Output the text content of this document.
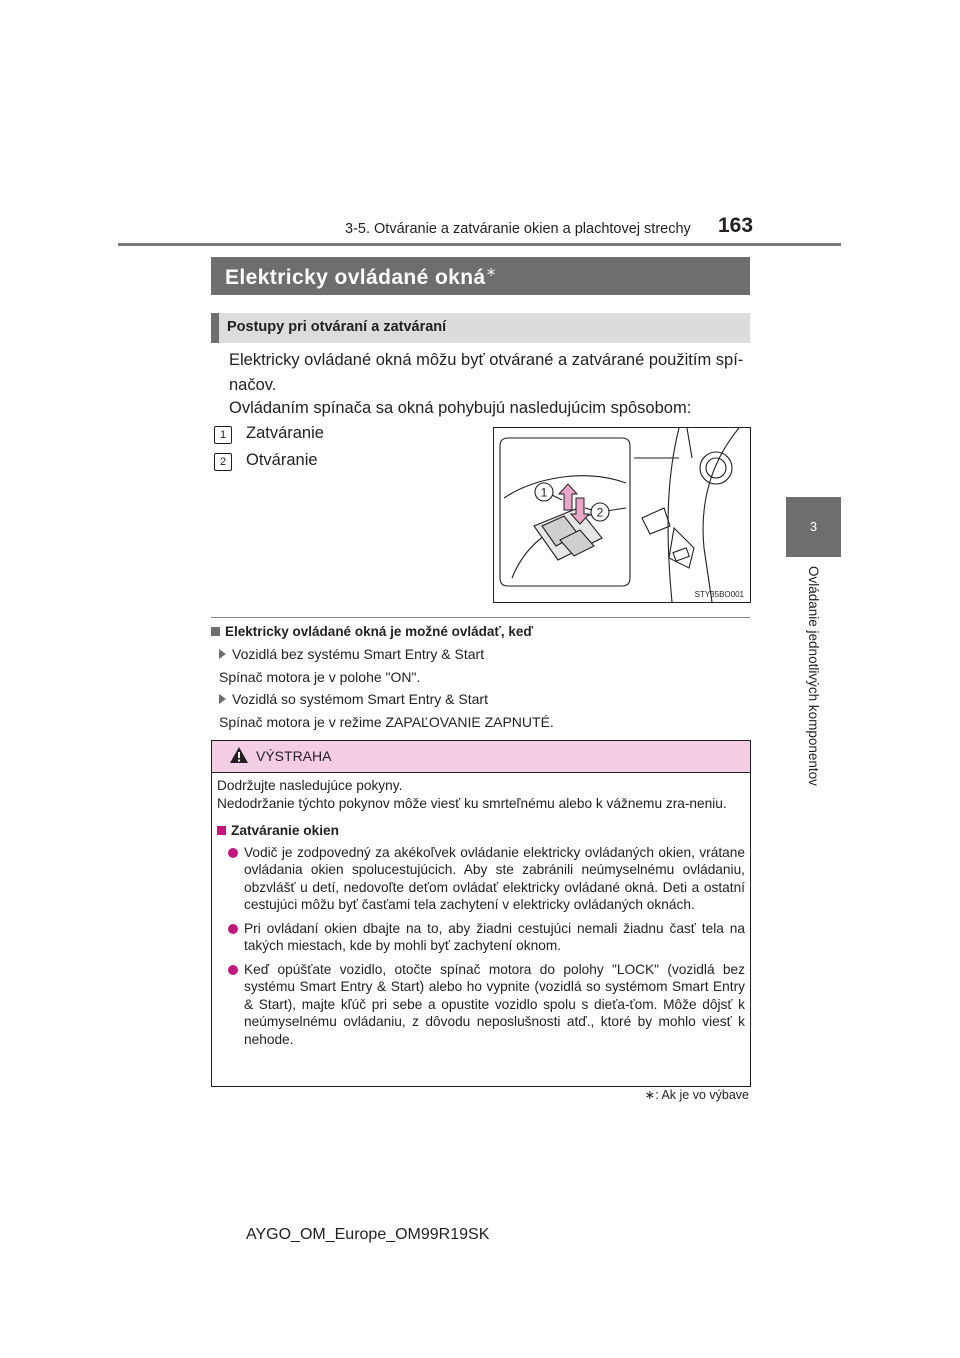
3-5. Otváranie a zatváranie okien a plachtovej strechy 163
3
Ovládanie jednotlivých komponentov
Elektricky ovládané okná∗
Postupy pri otváraní a zatváraní
Elektricky ovládané okná môžu byť otvárané a zatvárané použitím spí-načov.
Ovládaním spínača sa okná pohybujú nasledujúcim spôsobom:
1	Zatváranie
2	Otváranie
1
2
STY35BO001
Elektricky ovládané okná je možné ovládať, keď
Vozidlá bez systému Smart Entry & Start
Spínač motora je v polohe "ON".
Vozidlá so systémom Smart Entry & Start
Spínač motora je v režime ZAPAĽOVANIE ZAPNUTÉ.
VÝSTRAHA
Dodržujte nasledujúce pokyny.
Nedodržanie týchto pokynov môže viesť ku smrteľnému alebo k vážnemu zra-neniu.
Zatváranie okien
Vodič je zodpovedný za akékoľvek ovládanie elektricky ovládaných okien, vrátane ovládania okien spolucestujúcich. Aby ste zabránili neúmyselnému ovládaniu, obzvlášť u detí, nedovoľte deťom ovládať elektricky ovládané okná. Deti a ostatní cestujúci môžu byť časťami tela zachytení v elektricky ovládaných oknách.
Pri ovládaní okien dbajte na to, aby žiadni cestujúci nemali žiadnu časť tela na takých miestach, kde by mohli byť zachytení oknom.
Keď opúšťate vozidlo, otočte spínač motora do polohy "LOCK" (vozidlá bez systému Smart Entry & Start) alebo ho vypnite (vozidlá so systémom Smart Entry & Start), majte kľúč pri sebe a opustite vozidlo spolu s dieťa-ťom. Môže dôjsť k neúmyselnému ovládaniu, z dôvodu neposlušnosti atď., ktoré by mohlo viesť k nehode.
∗: Ak je vo výbave
AYGO_OM_Europe_OM99R19SK
